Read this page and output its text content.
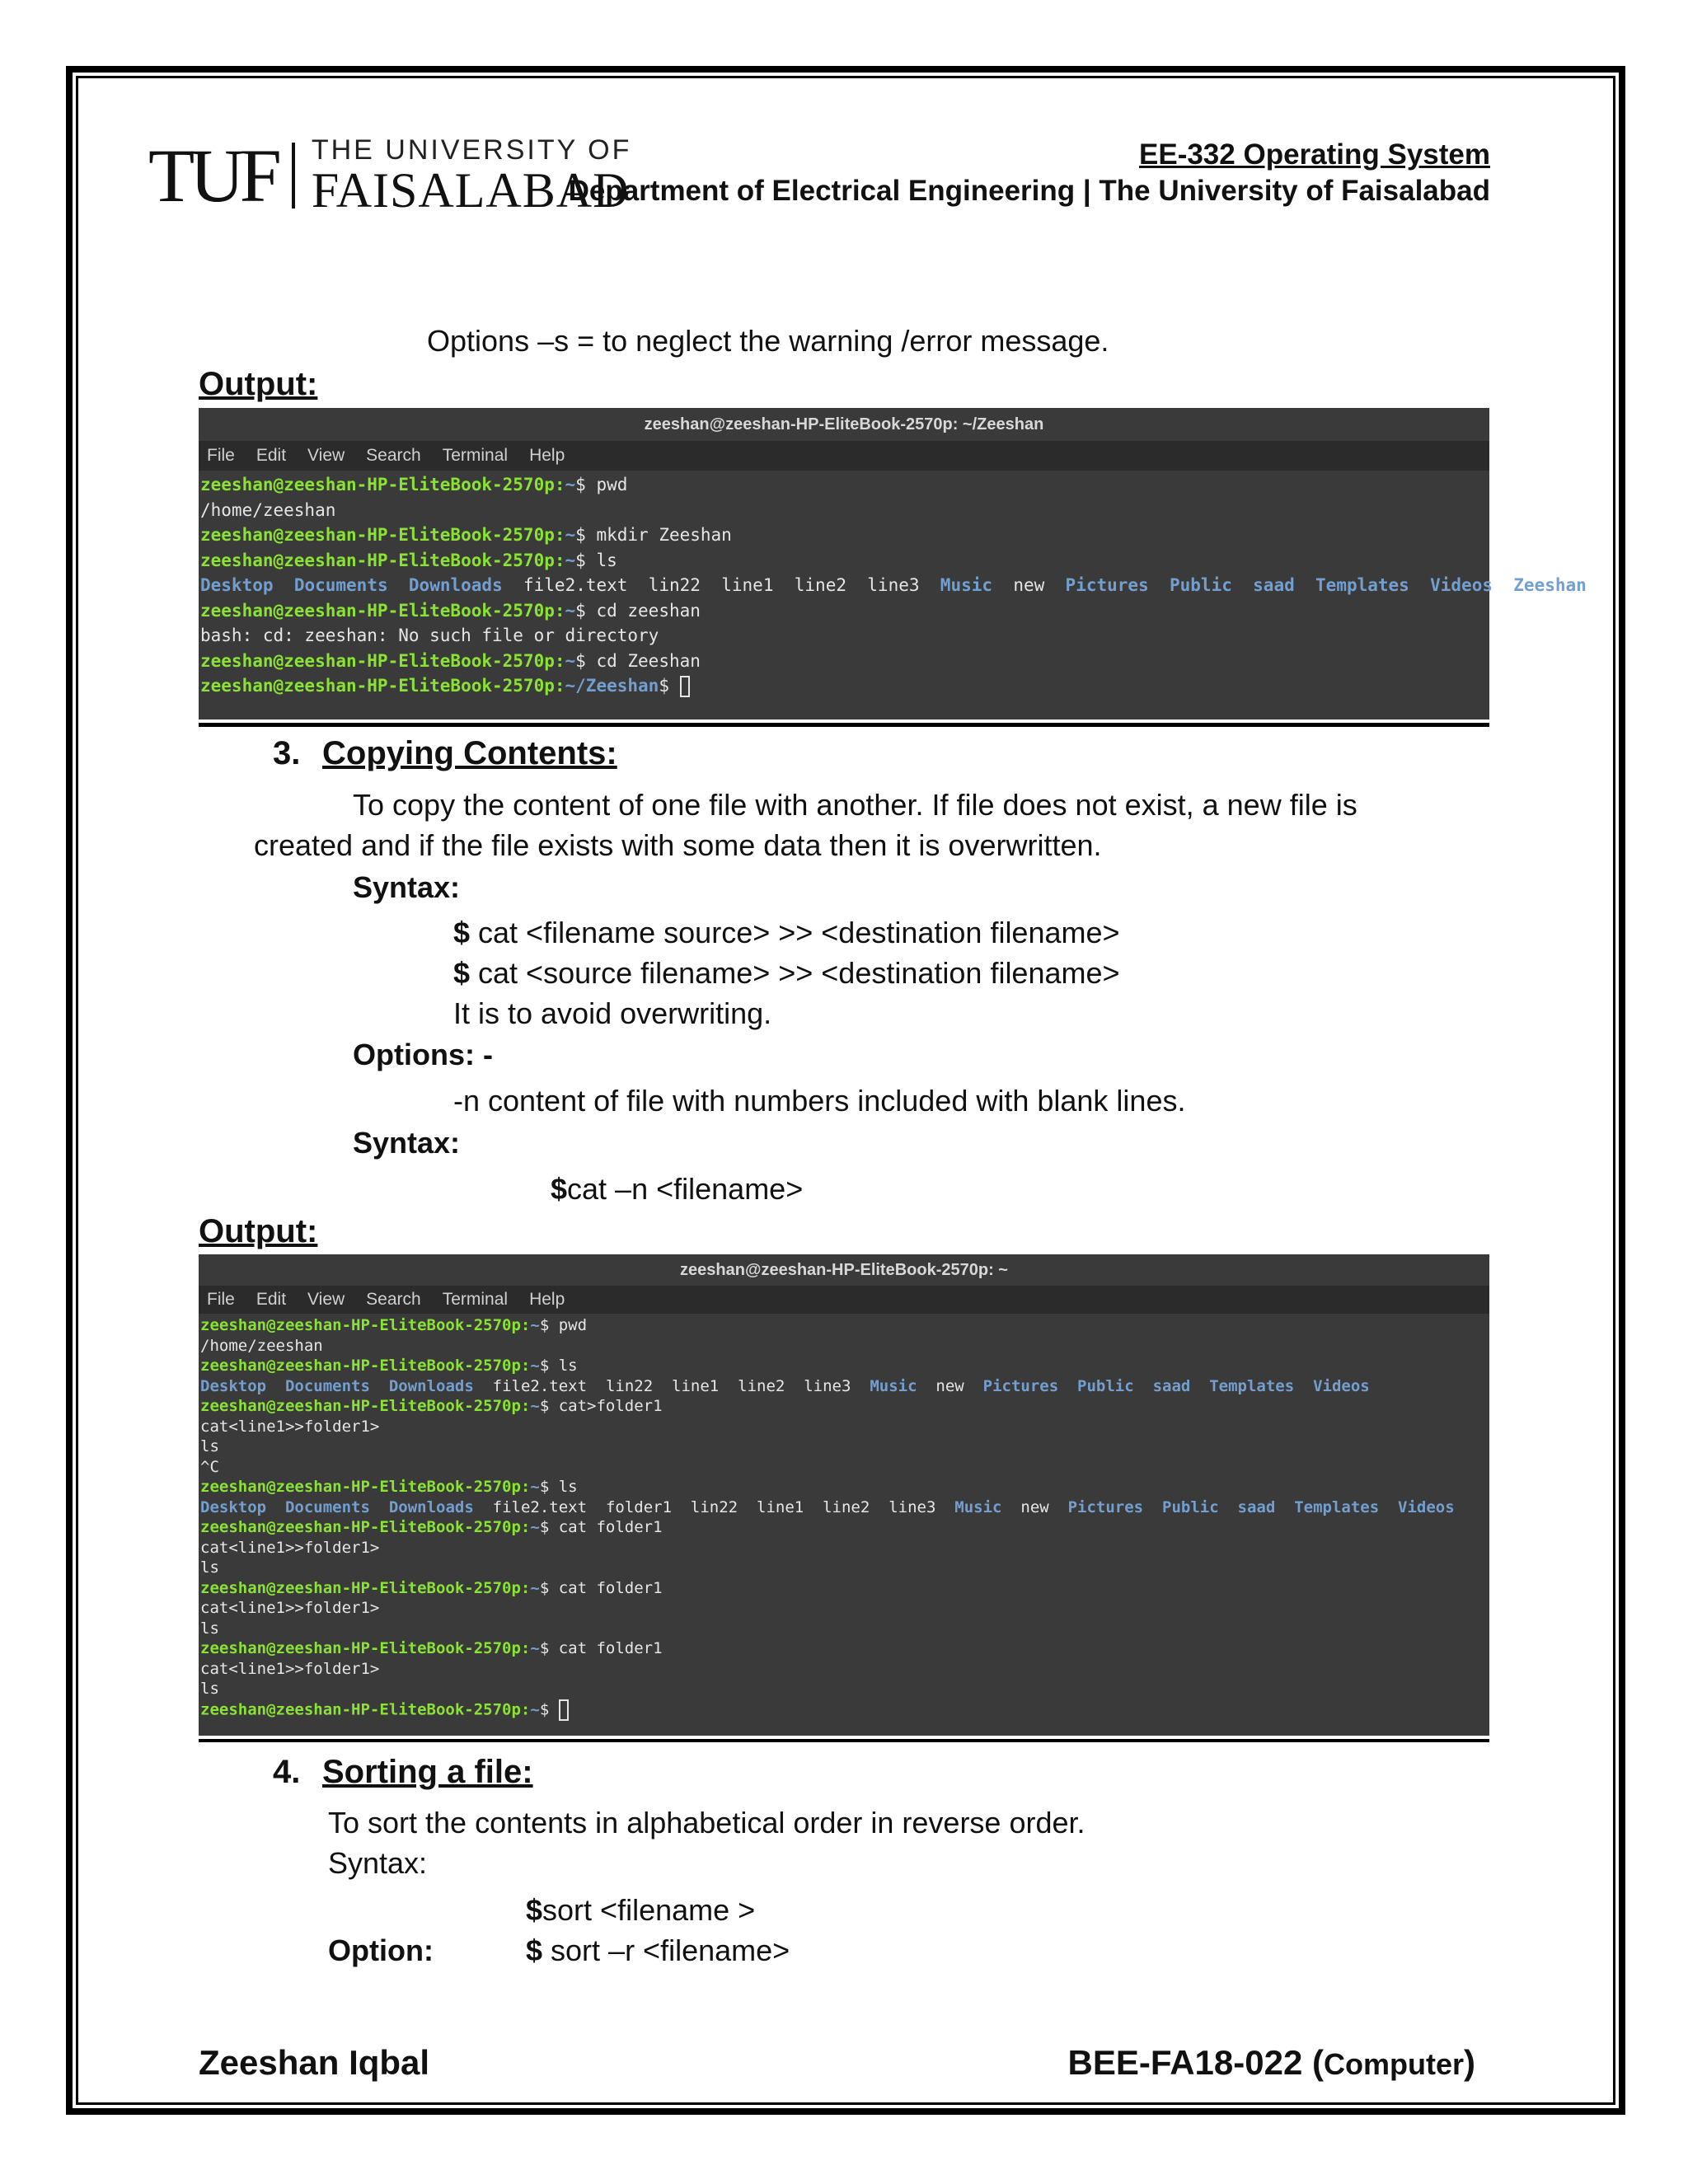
TUF THE UNIVERSITY OF
FAISALABAD
EE-332 Operating System
Department of Electrical Engineering | The University of Faisalabad
Options –s = to neglect the warning /error message.
Output:
zeeshan@zeeshan-HP-EliteBook-2570p: ~/Zeeshan
File Edit View Search Terminal Help
zeeshan@zeeshan-HP-EliteBook-2570p:~$ pwd
/home/zeeshan
zeeshan@zeeshan-HP-EliteBook-2570p:~$ mkdir Zeeshan
zeeshan@zeeshan-HP-EliteBook-2570p:~$ ls
Desktop Documents Downloads file2.text lin22 line1 line2 line3 Music new Pictures Public saad Templates Videos Zeeshan
zeeshan@zeeshan-HP-EliteBook-2570p:~$ cd zeeshan
bash: cd: zeeshan: No such file or directory
zeeshan@zeeshan-HP-EliteBook-2570p:~$ cd Zeeshan
zeeshan@zeeshan-HP-EliteBook-2570p:~/Zeeshan$
3. Copying Contents:
To copy the content of one file with another. If file does not exist, a new file is
created and if the file exists with some data then it is overwritten.
Syntax:
$ cat <filename source> >> <destination filename>
$ cat <source filename> >> <destination filename>
It is to avoid overwriting.
Options: -
-n content of file with numbers included with blank lines.
Syntax:
$cat –n <filename>
Output:
zeeshan@zeeshan-HP-EliteBook-2570p: ~
File Edit View Search Terminal Help
zeeshan@zeeshan-HP-EliteBook-2570p:~$ pwd
/home/zeeshan
zeeshan@zeeshan-HP-EliteBook-2570p:~$ ls
Desktop Documents Downloads file2.text lin22 line1 line2 line3 Music new Pictures Public saad Templates Videos
zeeshan@zeeshan-HP-EliteBook-2570p:~$ cat>folder1
cat<line1>>folder1>
ls
^C
zeeshan@zeeshan-HP-EliteBook-2570p:~$ ls
Desktop Documents Downloads file2.text folder1 lin22 line1 line2 line3 Music new Pictures Public saad Templates Videos
zeeshan@zeeshan-HP-EliteBook-2570p:~$ cat folder1
cat<line1>>folder1>
ls
zeeshan@zeeshan-HP-EliteBook-2570p:~$ cat folder1
cat<line1>>folder1>
ls
zeeshan@zeeshan-HP-EliteBook-2570p:~$ cat folder1
cat<line1>>folder1>
ls
zeeshan@zeeshan-HP-EliteBook-2570p:~$
4. Sorting a file:
To sort the contents in alphabetical order in reverse order.
Syntax:
$sort <filename >
Option:	$ sort –r <filename>
Zeeshan Iqbal	BEE-FA18-022 (Computer)
